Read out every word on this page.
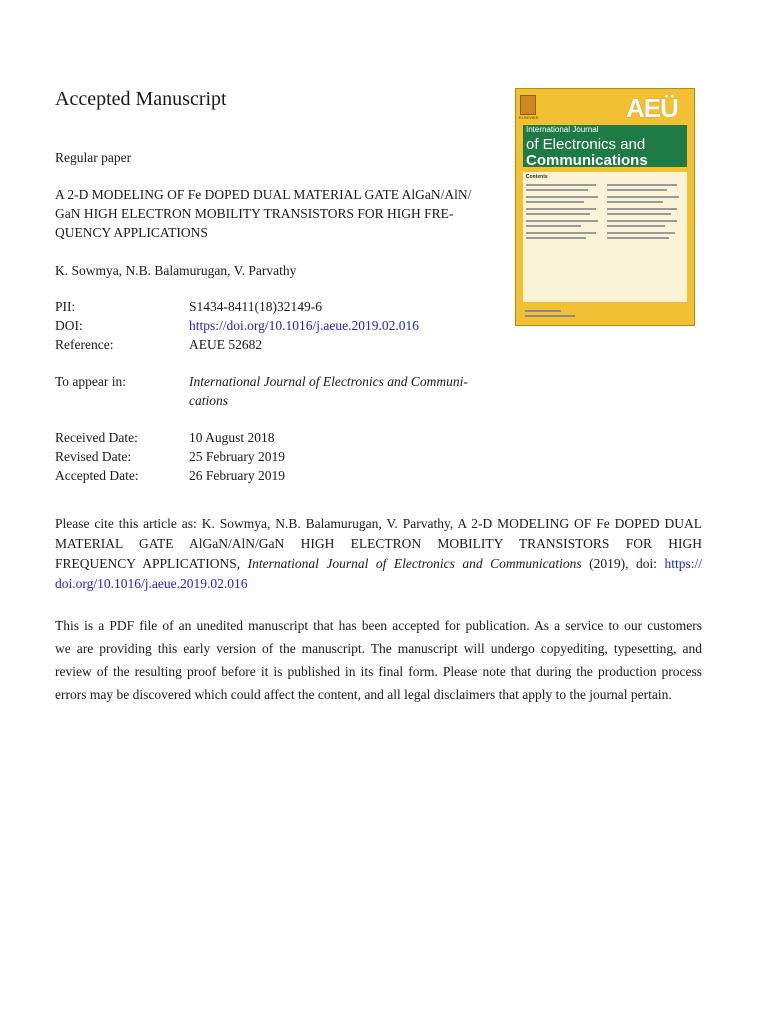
Accepted Manuscript
Regular paper
A 2-D MODELING OF Fe DOPED DUAL MATERIAL GATE AlGaN/AlN/
GaN HIGH ELECTRON MOBILITY TRANSISTORS FOR HIGH FRE-
QUENCY APPLICATIONS
K. Sowmya, N.B. Balamurugan, V. Parvathy
PII:	S1434-8411(18)32149-6
DOI:	https://doi.org/10.1016/j.aeue.2019.02.016
Reference:	AEUE 52682
To appear in:	International Journal of Electronics and Communi-
cations
Received Date:	10 August 2018
Revised Date:	25 February 2019
Accepted Date:	26 February 2019
Please cite this article as: K. Sowmya, N.B. Balamurugan, V. Parvathy, A 2-D MODELING OF Fe DOPED DUAL
MATERIAL GATE AlGaN/AlN/GaN HIGH ELECTRON MOBILITY TRANSISTORS FOR HIGH
FREQUENCY APPLICATIONS, International Journal of Electronics and Communications (2019), doi: https://
doi.org/10.1016/j.aeue.2019.02.016
This is a PDF file of an unedited manuscript that has been accepted for publication. As a service to our customers
we are providing this early version of the manuscript. The manuscript will undergo copyediting, typesetting, and
review of the resulting proof before it is published in its final form. Please note that during the production process
errors may be discovered which could affect the content, and all legal disclaimers that apply to the journal pertain.
ELSEVIER	AEÜ
International Journal
of Electronics and
Communications
Contents
